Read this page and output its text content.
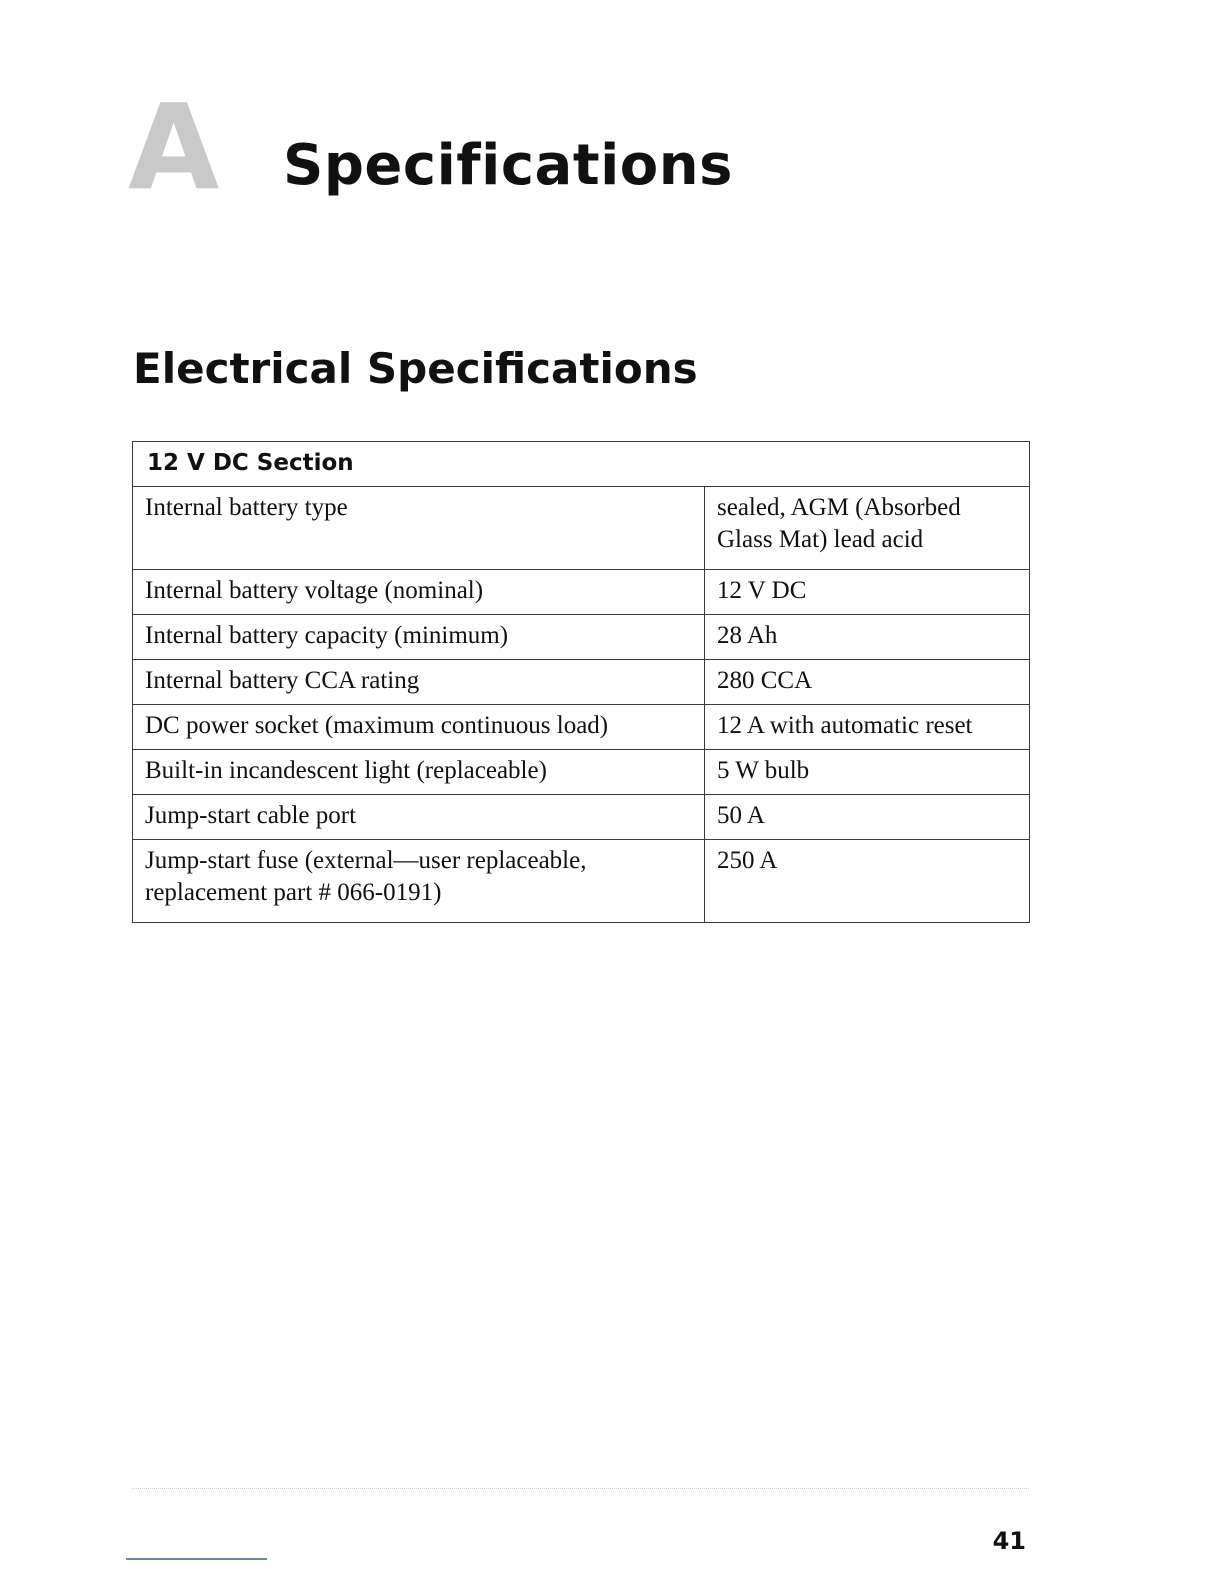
A Specifications
Electrical Specifications
12 V DC Section	
Internal battery type	sealed, AGM (Absorbed Glass Mat) lead acid
Internal battery voltage (nominal)	12 V DC
Internal battery capacity (minimum)	28 Ah
Internal battery CCA rating	280 CCA
DC power socket (maximum continuous load)	12 A with automatic reset
Built-in incandescent light (replaceable)	5 W bulb
Jump-start cable port	50 A
Jump-start fuse (external—user replaceable, replacement part # 066-0191)	250 A
41
